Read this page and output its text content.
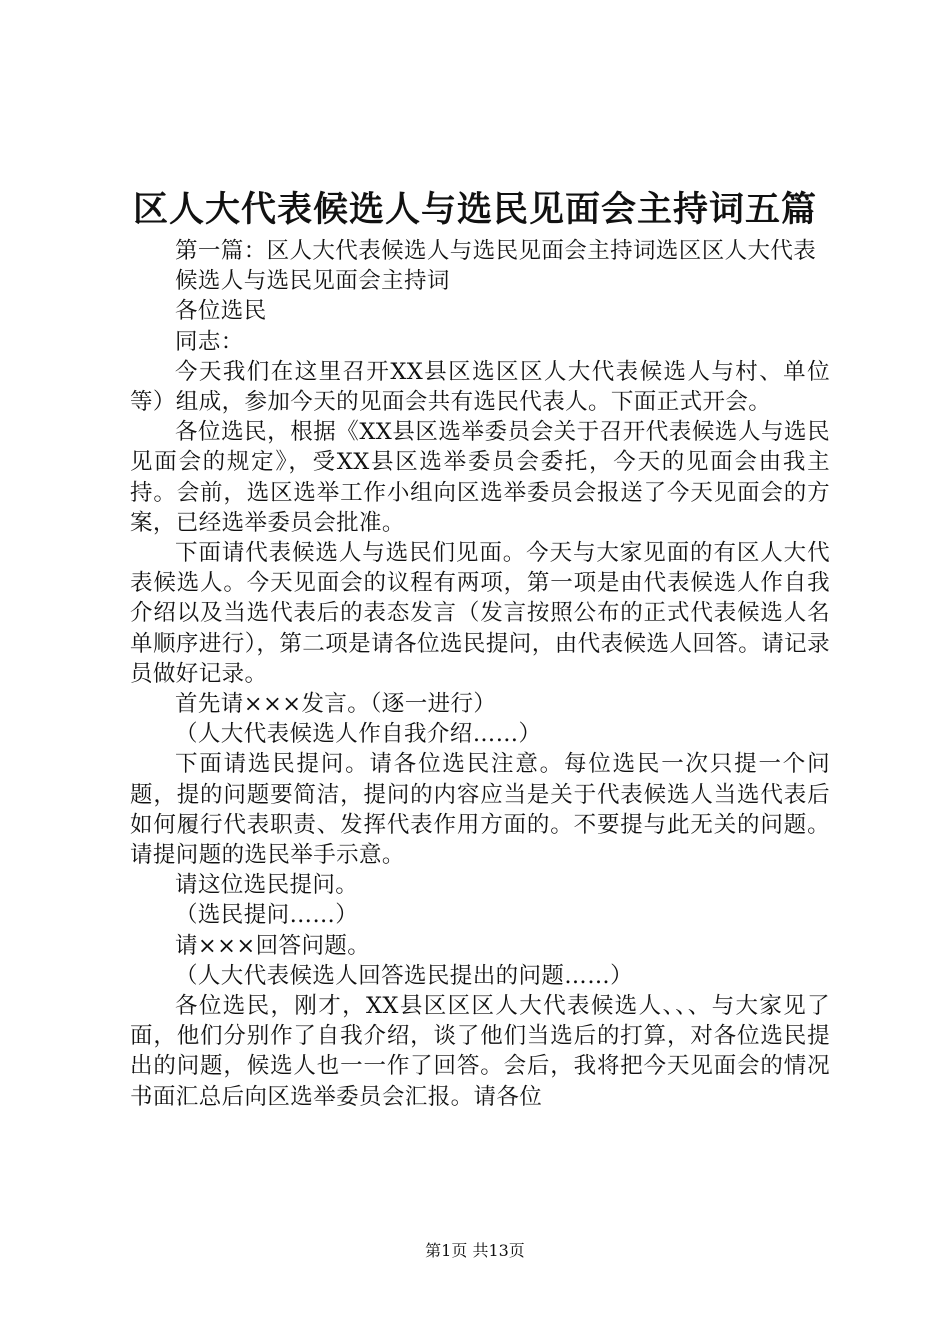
区人大代表候选人与选民见面会主持词五篇

第一篇：区人大代表候选人与选民见面会主持词选区区人大代表

候选人与选民见面会主持词

各位选民

同志：

今天我们在这里召开XX县区选区区人大代表候选人与村、单位等）组成，参加今天的见面会共有选民代表人。下面正式开会。

各位选民，根据《XX县区选举委员会关于召开代表候选人与选民见面会的规定》，受XX县区选举委员会委托，今天的见面会由我主持。会前，选区选举工作小组向区选举委员会报送了今天见面会的方案，已经选举委员会批准。

下面请代表候选人与选民们见面。今天与大家见面的有区人大代表候选人。今天见面会的议程有两项，第一项是由代表候选人作自我介绍以及当选代表后的表态发言（发言按照公布的正式代表候选人名单顺序进行），第二项是请各位选民提问，由代表候选人回答。请记录员做好记录。

首先请×××发言。（逐一进行）

（人大代表候选人作自我介绍……）

下面请选民提问。请各位选民注意。每位选民一次只提一个问题，提的问题要简洁，提问的内容应当是关于代表候选人当选代表后如何履行代表职责、发挥代表作用方面的。不要提与此无关的问题。请提问题的选民举手示意。

请这位选民提问。

（选民提问……）

请×××回答问题。

（人大代表候选人回答选民提出的问题……）

各位选民，刚才，XX县区区区人大代表候选人、、、与大家见了面，他们分别作了自我介绍，谈了他们当选后的打算，对各位选民提出的问题，候选人也一一作了回答。会后，我将把今天见面会的情况书面汇总后向区选举委员会汇报。请各位

第1页 共13页
